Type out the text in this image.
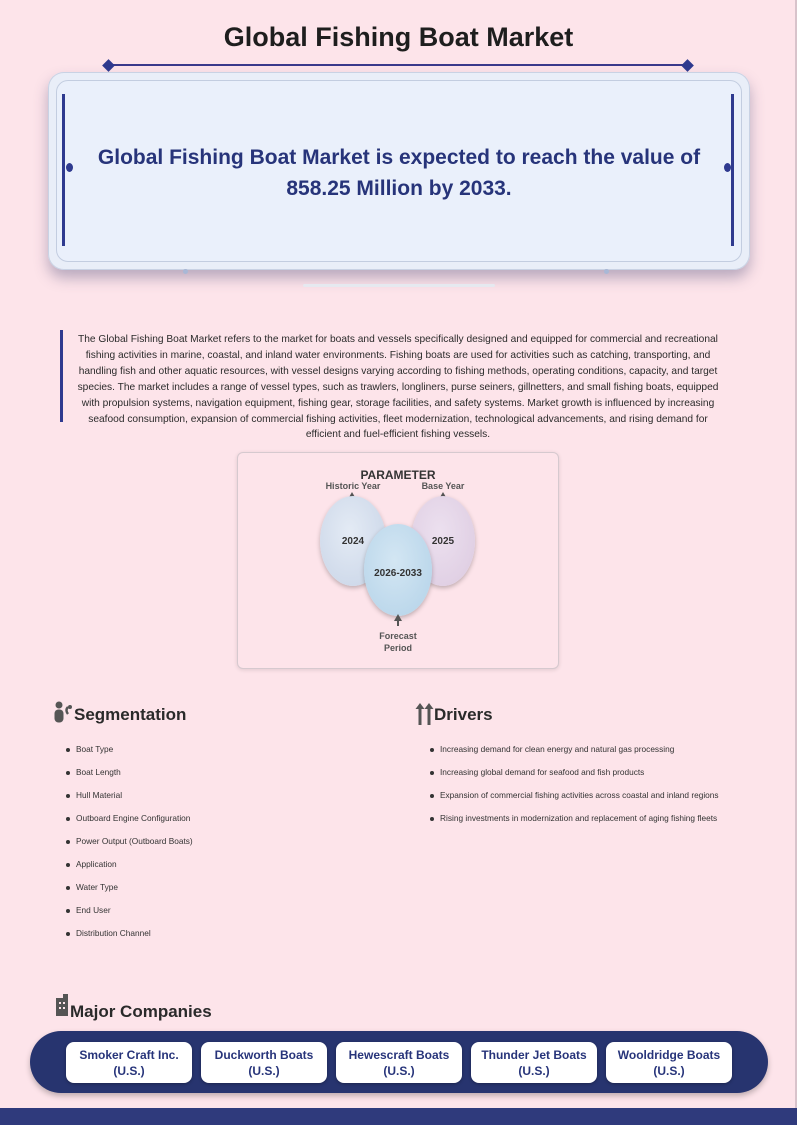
Global Fishing Boat Market
Global Fishing Boat Market is expected to reach the value of 858.25 Million by 2033.
The Global Fishing Boat Market refers to the market for boats and vessels specifically designed and equipped for commercial and recreational fishing activities in marine, coastal, and inland water environments. Fishing boats are used for activities such as catching, transporting, and handling fish and other aquatic resources, with vessel designs varying according to fishing methods, operating conditions, capacity, and target species. The market includes a range of vessel types, such as trawlers, longliners, purse seiners, gillnetters, and small fishing boats, equipped with propulsion systems, navigation equipment, fishing gear, storage facilities, and safety systems. Market growth is influenced by increasing seafood consumption, expansion of commercial fishing activities, fleet modernization, technological advancements, and rising demand for efficient and fuel-efficient fishing vessels.
PARAMETER
Historic Year	Base Year
2024	2025
2026-2033
Forecast
Period
Segmentation
Boat Type
Boat Length
Hull Material
Outboard Engine Configuration
Power Output (Outboard Boats)
Application
Water Type
End User
Distribution Channel
Drivers
Increasing demand for clean energy and natural gas processing
Increasing global demand for seafood and fish products
Expansion of commercial fishing activities across coastal and inland regions
Rising investments in modernization and replacement of aging fishing fleets
Major Companies
Smoker Craft Inc.
(U.S.)
Duckworth Boats
(U.S.)
Hewescraft Boats
(U.S.)
Thunder Jet Boats
(U.S.)
Wooldridge Boats
(U.S.)
